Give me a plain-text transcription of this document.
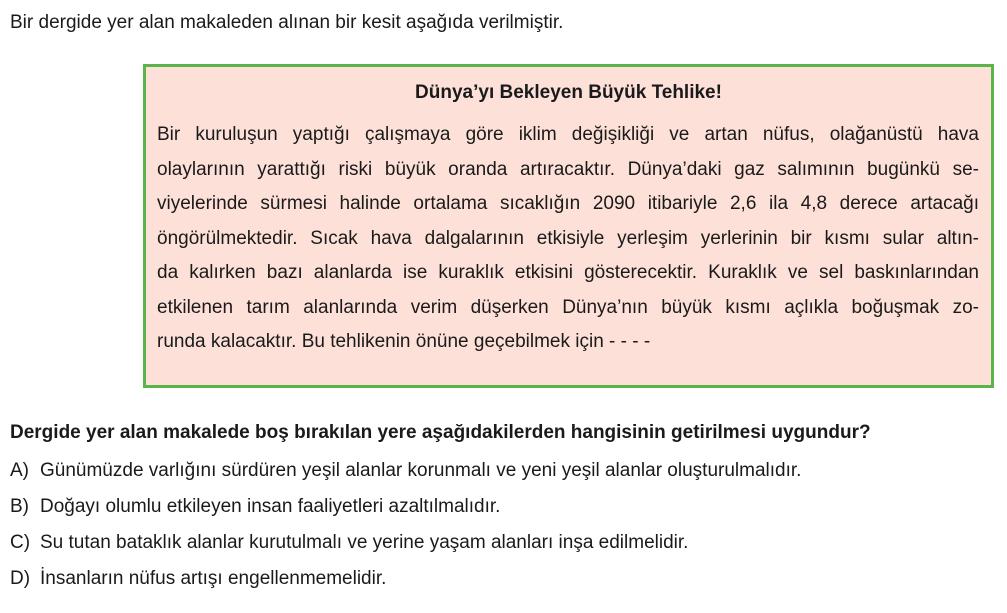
Bir dergide yer alan makaleden alınan bir kesit aşağıda verilmiştir.
Dünya’yı Bekleyen Büyük Tehlike!
Bir kuruluşun yaptığı çalışmaya göre iklim değişikliği ve artan nüfus, olağanüstü hava
olaylarının yarattığı riski büyük oranda artıracaktır. Dünya’daki gaz salımının bugünkü se-
viyelerinde sürmesi halinde ortalama sıcaklığın 2090 itibariyle 2,6 ila 4,8 derece artacağı
öngörülmektedir. Sıcak hava dalgalarının etkisiyle yerleşim yerlerinin bir kısmı sular altın-
da kalırken bazı alanlarda ise kuraklık etkisini gösterecektir. Kuraklık ve sel baskınlarından
etkilenen tarım alanlarında verim düşerken Dünya’nın büyük kısmı açlıkla boğuşmak zo-
runda kalacaktır. Bu tehlikenin önüne geçebilmek için - - - -
Dergide yer alan makalede boş bırakılan yere aşağıdakilerden hangisinin getirilmesi uygundur?
A) Günümüzde varlığını sürdüren yeşil alanlar korunmalı ve yeni yeşil alanlar oluşturulmalıdır.
B) Doğayı olumlu etkileyen insan faaliyetleri azaltılmalıdır.
C) Su tutan bataklık alanlar kurutulmalı ve yerine yaşam alanları inşa edilmelidir.
D) İnsanların nüfus artışı engellenmemelidir.
